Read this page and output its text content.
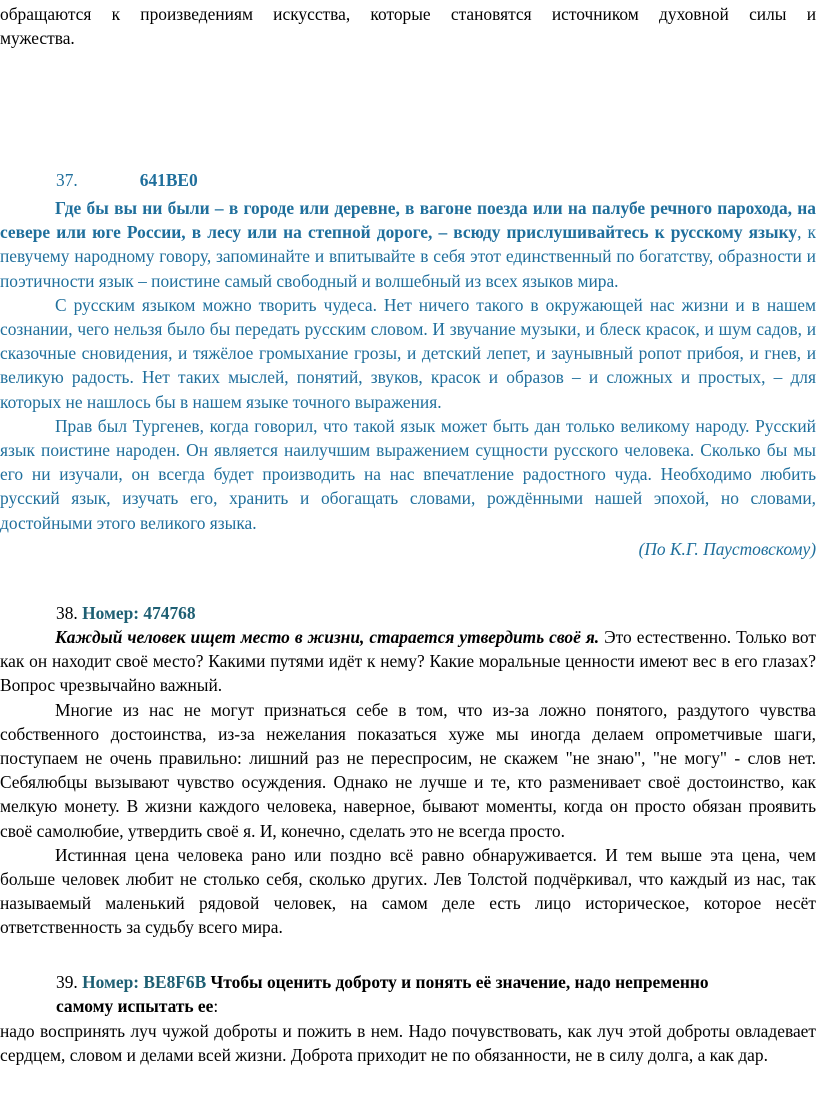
обращаются к произведениям искусства, которые становятся источником духовной силы и

мужества.

37.	641BE0

Где бы вы ни были – в городе или деревне, в вагоне поезда или на палубе речного парохода, на севере или юге России, в лесу или на степной дороге, – всюду прислушивайтесь к русскому языку, к певучему народному говору, запоминайте и впитывайте в себя этот единственный по богатству, образности и поэтичности язык – поистине самый свободный и волшебный из всех языков мира.

С русским языком можно творить чудеса. Нет ничего такого в окружающей нас жизни и в нашем сознании, чего нельзя было бы передать русским словом. И звучание музыки, и блеск красок, и шум садов, и сказочные сновидения, и тяжёлое громыхание грозы, и детский лепет, и заунывный ропот прибоя, и гнев, и великую радость. Нет таких мыслей, понятий, звуков, красок и образов – и сложных и простых, – для которых не нашлось бы в нашем языке точного выражения.

Прав был Тургенев, когда говорил, что такой язык может быть дан только великому народу. Русский язык поистине народен. Он является наилучшим выражением сущности русского человека. Сколько бы мы его ни изучали, он всегда будет производить на нас впечатление радостного чуда. Необходимо любить русский язык, изучать его, хранить и обогащать словами, рождёнными нашей эпохой, но словами, достойными этого великого языка.

(По К.Г. Паустовскому)

38. Номер: 474768

Каждый человек ищет место в жизни, старается утвердить своё я. Это естественно. Только вот как он находит своё место? Какими путями идёт к нему? Какие моральные ценности имеют вес в его глазах? Вопрос чрезвычайно важный.

Многие из нас не могут признаться себе в том, что из-за ложно понятого, раздутого чувства собственного достоинства, из-за нежелания показаться хуже мы иногда делаем опрометчивые шаги, поступаем не очень правильно: лишний раз не переспросим, не скажем "не знаю", "не могу" - слов нет. Себялюбцы вызывают чувство осуждения. Однако не лучше и те, кто разменивает своё достоинство, как мелкую монету. В жизни каждого человека, наверное, бывают моменты, когда он просто обязан проявить своё самолюбие, утвердить своё я. И, конечно, сделать это не всегда просто.

Истинная цена человека рано или поздно всё равно обнаруживается. И тем выше эта цена, чем больше человек любит не столько себя, сколько других. Лев Толстой подчёркивал, что каждый из нас, так называемый маленький рядовой человек, на самом деле есть лицо историческое, которое несёт ответственность за судьбу всего мира.

39. Номер: BE8F6B Чтобы оценить доброту и понять её значение, надо непременно

самому испытать ее:

надо воспринять луч чужой доброты и пожить в нем. Надо почувствовать, как луч этой доброты овладевает сердцем, словом и делами всей жизни. Доброта приходит не по обязанности, не в силу долга, а как дар.
